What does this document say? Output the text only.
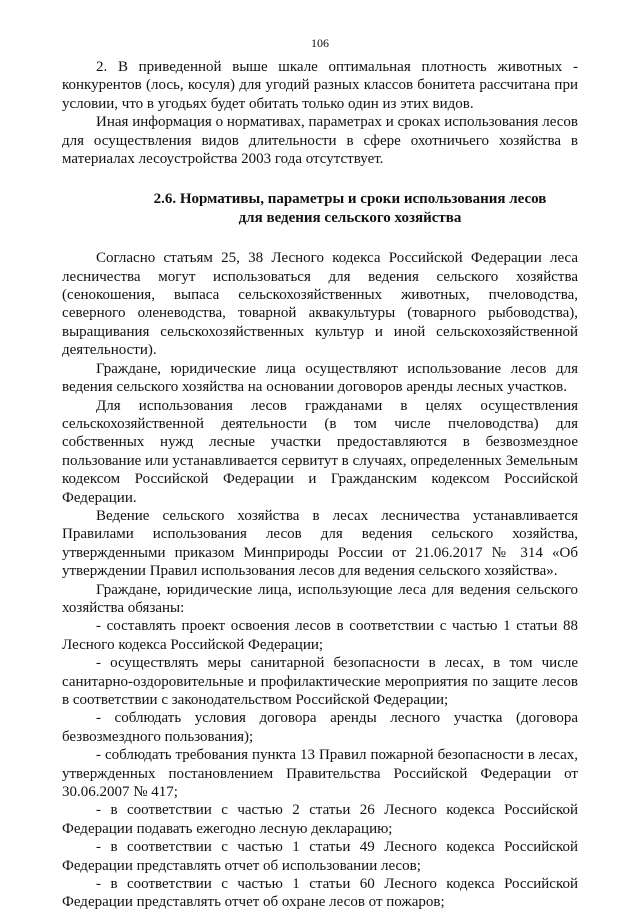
106

2. В приведенной выше шкале оптимальная плотность животных - конкурентов (лось, косуля) для угодий разных классов бонитета рассчитана при условии, что в угодьях будет обитать только один из этих видов.

Иная информация о нормативах, параметрах и сроках использования лесов для осуществления видов длительности в сфере охотничьего хозяйства в материалах лесоустройства 2003 года отсутствует.

2.6. Нормативы, параметры и сроки использования лесов
для ведения сельского хозяйства

Согласно статьям 25, 38 Лесного кодекса Российской Федерации леса лесничества могут использоваться для ведения сельского хозяйства (сенокошения, выпаса сельскохозяйственных животных, пчеловодства, северного оленеводства, товарной аквакультуры (товарного рыбоводства), выращивания сельскохозяйственных культур и иной сельскохозяйственной деятельности).

Граждане, юридические лица осуществляют использование лесов для ведения сельского хозяйства на основании договоров аренды лесных участков.

Для использования лесов гражданами в целях осуществления сельскохозяйственной деятельности (в том числе пчеловодства) для собственных нужд лесные участки предоставляются в безвозмездное пользование или устанавливается сервитут в случаях, определенных Земельным кодексом Российской Федерации и Гражданским кодексом Российской Федерации.

Ведение сельского хозяйства в лесах лесничества устанавливается Правилами использования лесов для ведения сельского хозяйства, утвержденными приказом Минприроды России от 21.06.2017 № 314 «Об утверждении Правил использования лесов для ведения сельского хозяйства».

Граждане, юридические лица, использующие леса для ведения сельского хозяйства обязаны:

- составлять проект освоения лесов в соответствии с частью 1 статьи 88 Лесного кодекса Российской Федерации;

- осуществлять меры санитарной безопасности в лесах, в том числе санитарно-оздоровительные и профилактические мероприятия по защите лесов в соответствии с законодательством Российской Федерации;

- соблюдать условия договора аренды лесного участка (договора безвозмездного пользования);

- соблюдать требования пункта 13 Правил пожарной безопасности в лесах, утвержденных постановлением Правительства Российской Федерации от 30.06.2007 № 417;

- в соответствии с частью 2 статьи 26 Лесного кодекса Российской Федерации подавать ежегодно лесную декларацию;

- в соответствии с частью 1 статьи 49 Лесного кодекса Российской Федерации представлять отчет об использовании лесов;

- в соответствии с частью 1 статьи 60 Лесного кодекса Российской Федерации представлять отчет об охране лесов от пожаров;
